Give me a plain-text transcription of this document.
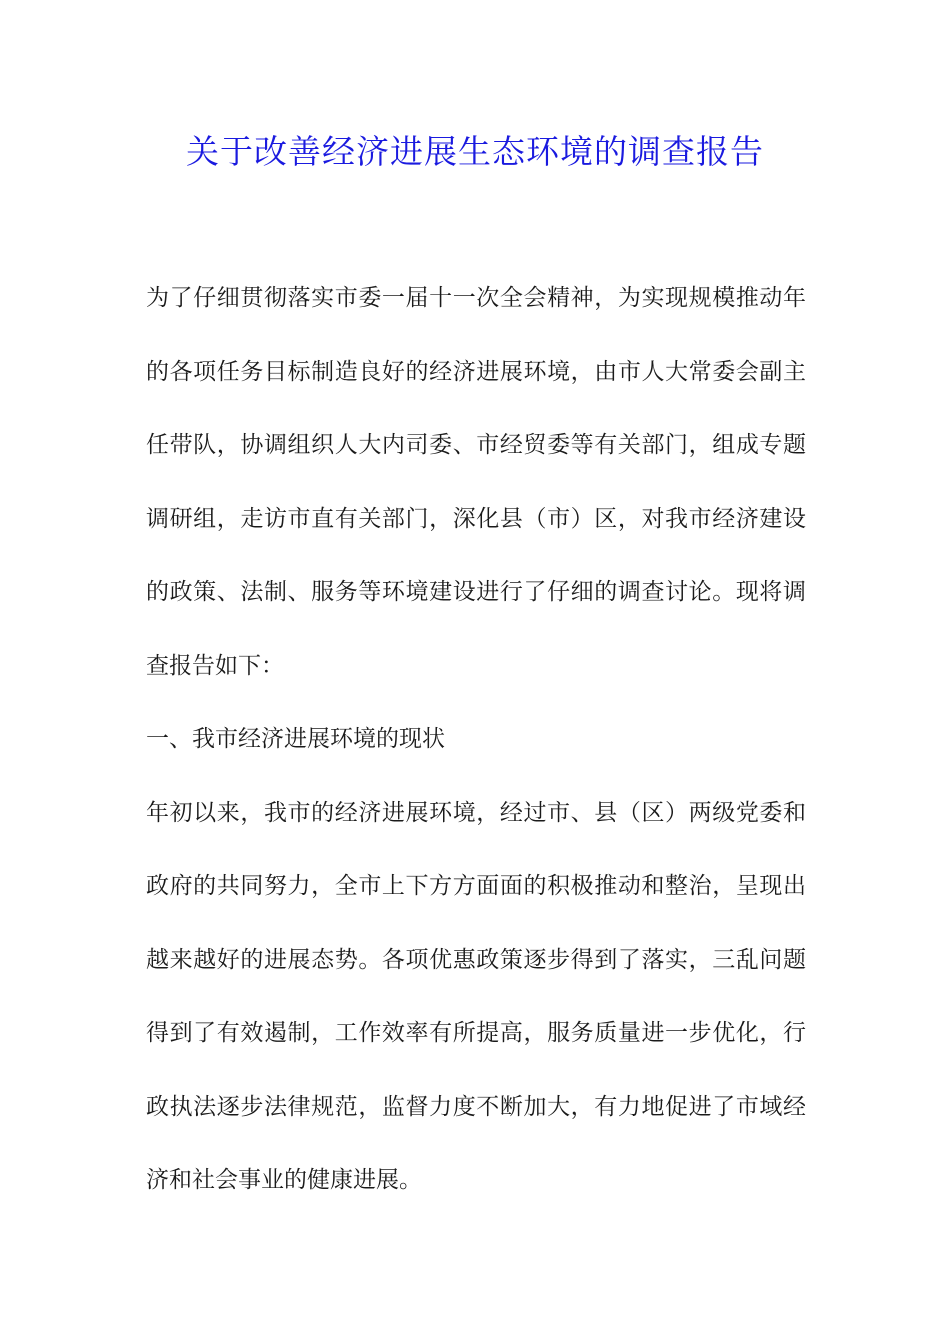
关于改善经济进展生态环境的调查报告

为了仔细贯彻落实市委一届十一次全会精神，为实现规模推动年的各项任务目标制造良好的经济进展环境，由市人大常委会副主任带队，协调组织人大内司委、市经贸委等有关部门，组成专题调研组，走访市直有关部门，深化县（市）区，对我市经济建设的政策、法制、服务等环境建设进行了仔细的调查讨论。现将调查报告如下：

一、我市经济进展环境的现状

年初以来，我市的经济进展环境，经过市、县（区）两级党委和政府的共同努力，全市上下方方面面的积极推动和整治，呈现出越来越好的进展态势。各项优惠政策逐步得到了落实，三乱问题得到了有效遏制，工作效率有所提高，服务质量进一步优化，行政执法逐步法律规范，监督力度不断加大，有力地促进了市域经济和社会事业的健康进展。
